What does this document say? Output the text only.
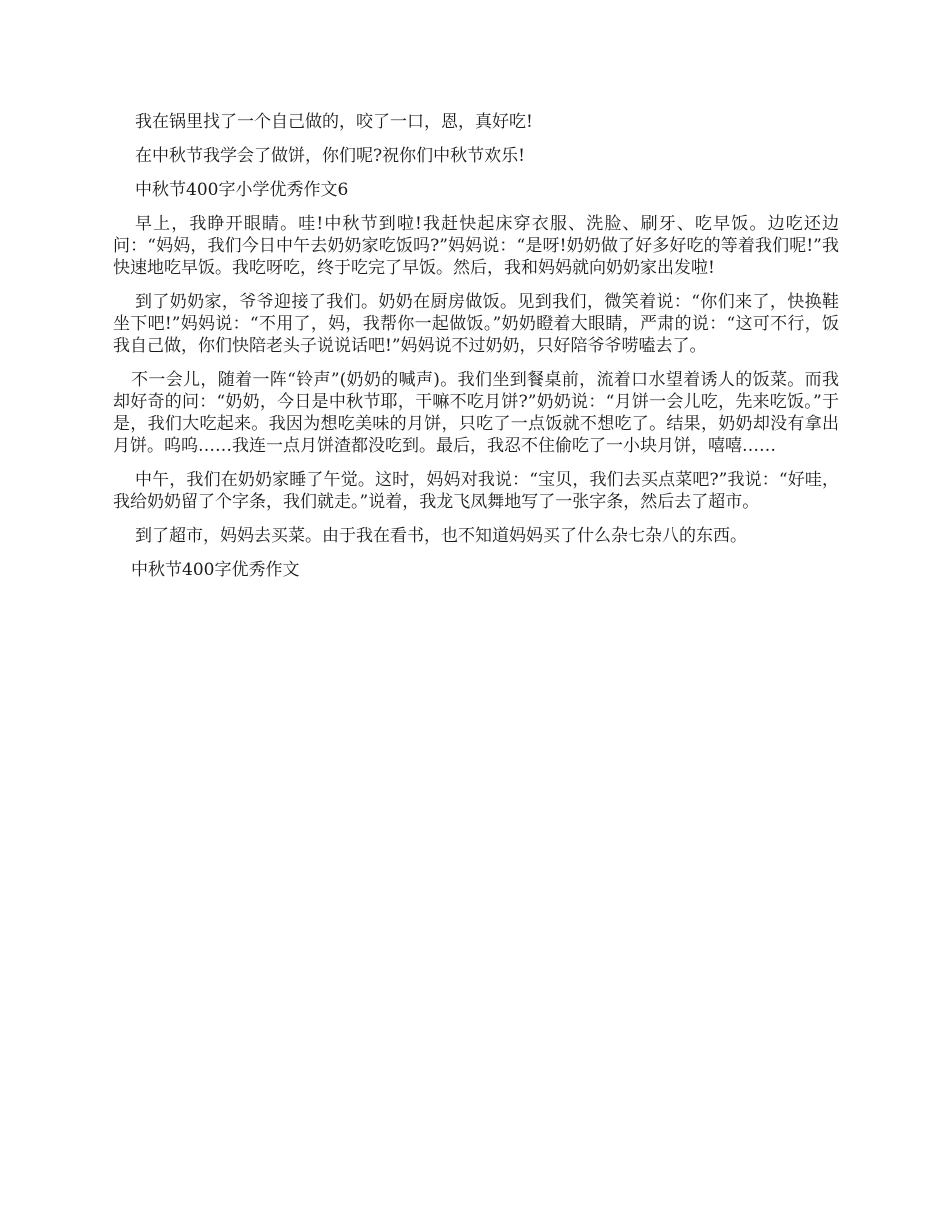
我在锅里找了一个自己做的，咬了一口，恩，真好吃!

在中秋节我学会了做饼，你们呢?祝你们中秋节欢乐!

中秋节400字小学优秀作文6

早上，我睁开眼睛。哇!中秋节到啦!我赶快起床穿衣服、洗脸、刷牙、吃早饭。边吃还边问：“妈妈，我们今日中午去奶奶家吃饭吗?”妈妈说：“是呀!奶奶做了好多好吃的等着我们呢!”我快速地吃早饭。我吃呀吃，终于吃完了早饭。然后，我和妈妈就向奶奶家出发啦!

到了奶奶家，爷爷迎接了我们。奶奶在厨房做饭。见到我们，微笑着说：“你们来了，快换鞋坐下吧!”妈妈说：“不用了，妈，我帮你一起做饭。”奶奶瞪着大眼睛，严肃的说：“这可不行，饭我自己做，你们快陪老头子说说话吧!”妈妈说不过奶奶，只好陪爷爷唠嗑去了。

不一会儿，随着一阵“铃声”(奶奶的喊声)。我们坐到餐桌前，流着口水望着诱人的饭菜。而我却好奇的问：“奶奶，今日是中秋节耶，干嘛不吃月饼?”奶奶说：“月饼一会儿吃，先来吃饭。”于是，我们大吃起来。我因为想吃美味的月饼，只吃了一点饭就不想吃了。结果，奶奶却没有拿出月饼。呜呜……我连一点月饼渣都没吃到。最后，我忍不住偷吃了一小块月饼，嘻嘻……

中午，我们在奶奶家睡了午觉。这时，妈妈对我说：“宝贝，我们去买点菜吧?”我说：“好哇，我给奶奶留了个字条，我们就走。”说着，我龙飞凤舞地写了一张字条，然后去了超市。

到了超市，妈妈去买菜。由于我在看书，也不知道妈妈买了什么杂七杂八的东西。

中秋节400字优秀作文
